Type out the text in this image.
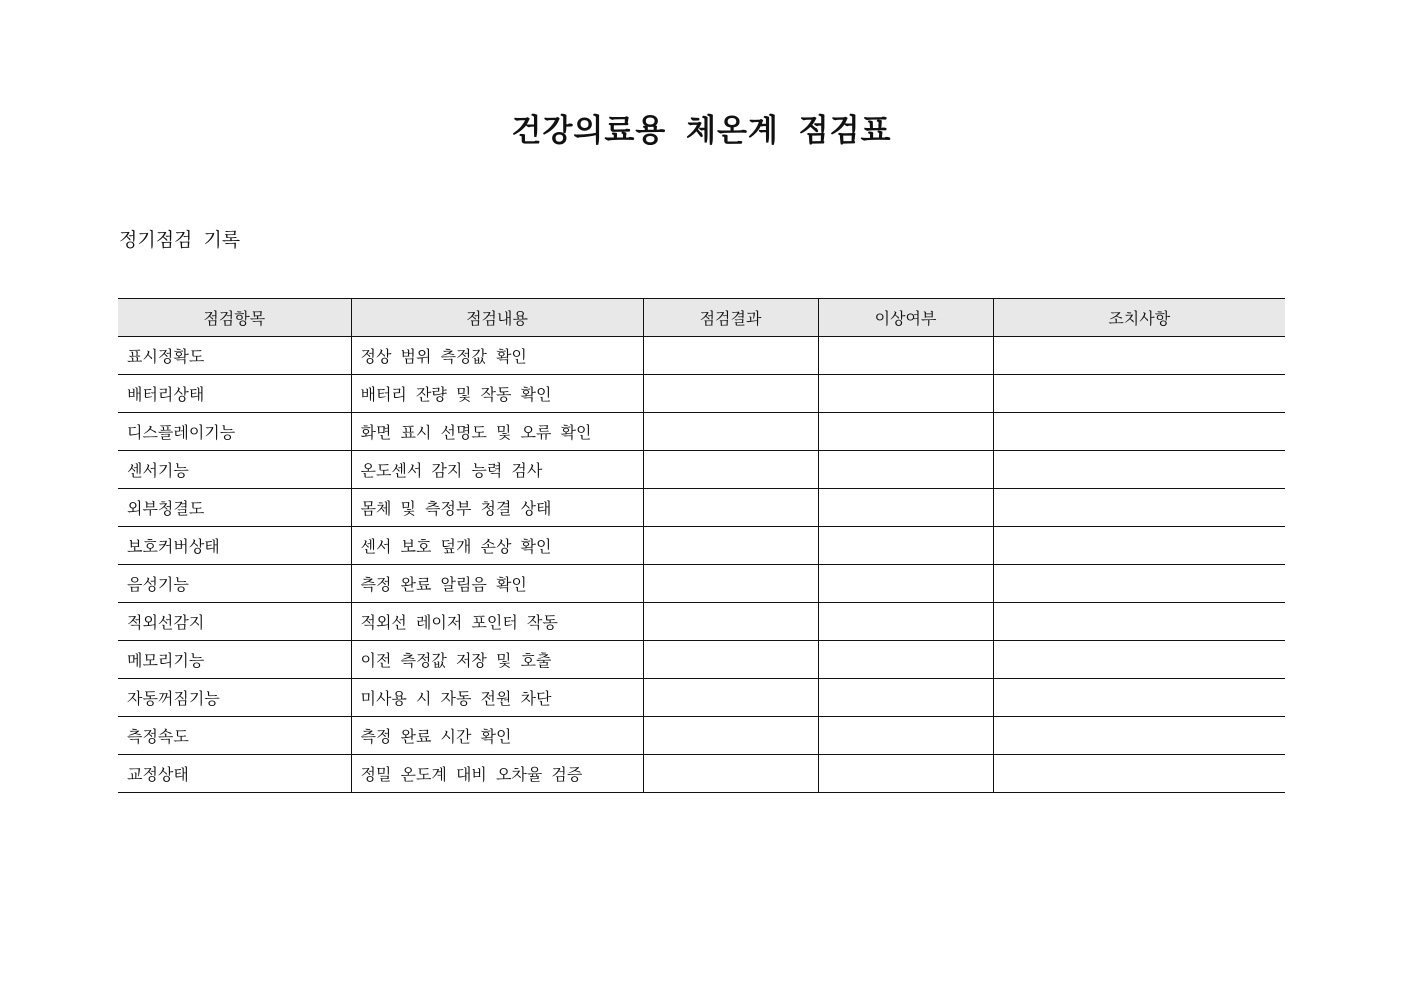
건강의료용 체온계 점검표
정기점검 기록
점검항목	점검내용	점검결과	이상여부	조치사항
표시정확도	정상 범위 측정값 확인			
배터리상태	배터리 잔량 및 작동 확인			
디스플레이기능	화면 표시 선명도 및 오류 확인			
센서기능	온도센서 감지 능력 검사			
외부청결도	몸체 및 측정부 청결 상태			
보호커버상태	센서 보호 덮개 손상 확인			
음성기능	측정 완료 알림음 확인			
적외선감지	적외선 레이저 포인터 작동			
메모리기능	이전 측정값 저장 및 호출			
자동꺼짐기능	미사용 시 자동 전원 차단			
측정속도	측정 완료 시간 확인			
교정상태	정밀 온도계 대비 오차율 검증			
